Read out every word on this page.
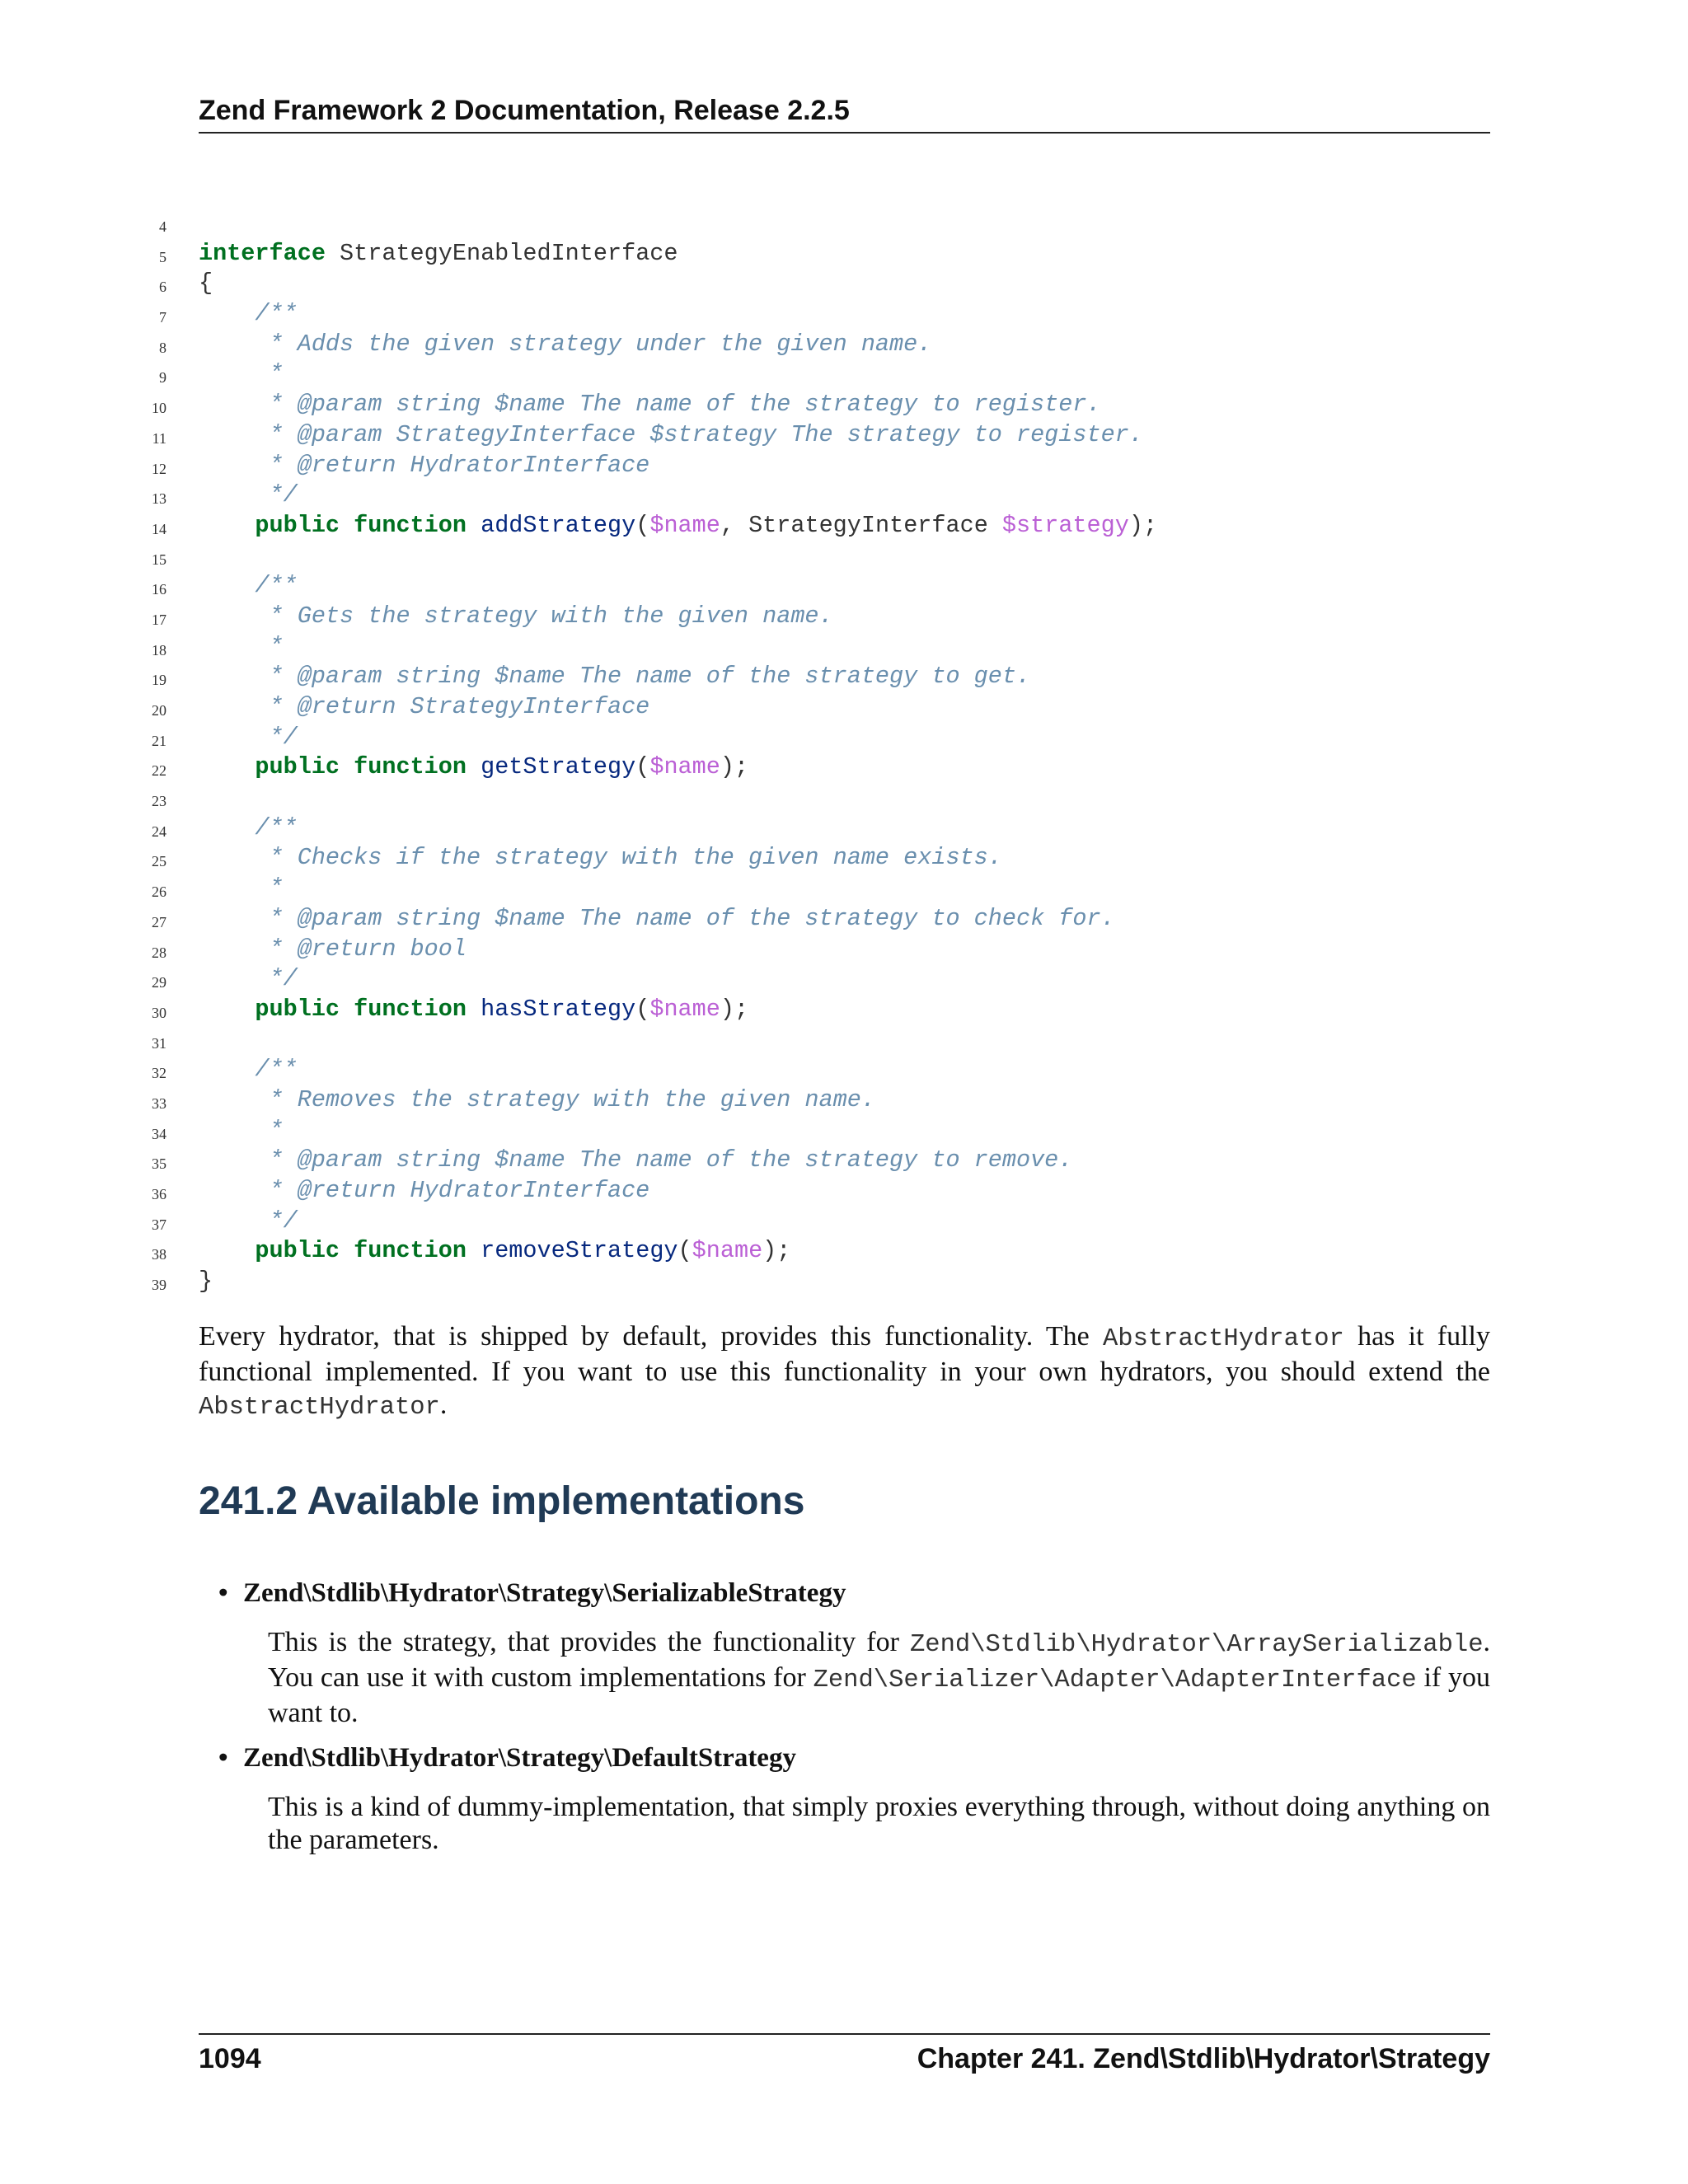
Zend Framework 2 Documentation, Release 2.2.5
4
5 interface StrategyEnabledInterface
6 {
7 /**
8 * Adds the given strategy under the given name.
9 *
10 * @param string $name The name of the strategy to register.
11 * @param StrategyInterface $strategy The strategy to register.
12 * @return HydratorInterface
13 */
14	public function addStrategy($name, StrategyInterface $strategy);
15
16 /**
17 * Gets the strategy with the given name.
18 *
19 * @param string $name The name of the strategy to get.
20 * @return StrategyInterface
21 */
22	public function getStrategy($name);
23
24 /**
25 * Checks if the strategy with the given name exists.
26 *
27 * @param string $name The name of the strategy to check for.
28 * @return bool
29 */
30	public function hasStrategy($name);
31
32 /**
33 * Removes the strategy with the given name.
34 *
35 * @param string $name The name of the strategy to remove.
36 * @return HydratorInterface
37 */
38	public function removeStrategy($name);
39 }
Every hydrator, that is shipped by default, provides this functionality. The AbstractHydrator has it fully functional implemented. If you want to use this functionality in your own hydrators, you should extend the AbstractHydrator.
241.2 Available implementations
• Zend\Stdlib\Hydrator\Strategy\SerializableStrategy
This is the strategy, that provides the functionality for Zend\Stdlib\Hydrator\ArraySerializable. You can use it with custom implementations for Zend\Serializer\Adapter\AdapterInterface if you want to.
• Zend\Stdlib\Hydrator\Strategy\DefaultStrategy
This is a kind of dummy-implementation, that simply proxies everything through, without doing anything on the parameters.
1094	Chapter 241. Zend\Stdlib\Hydrator\Strategy
